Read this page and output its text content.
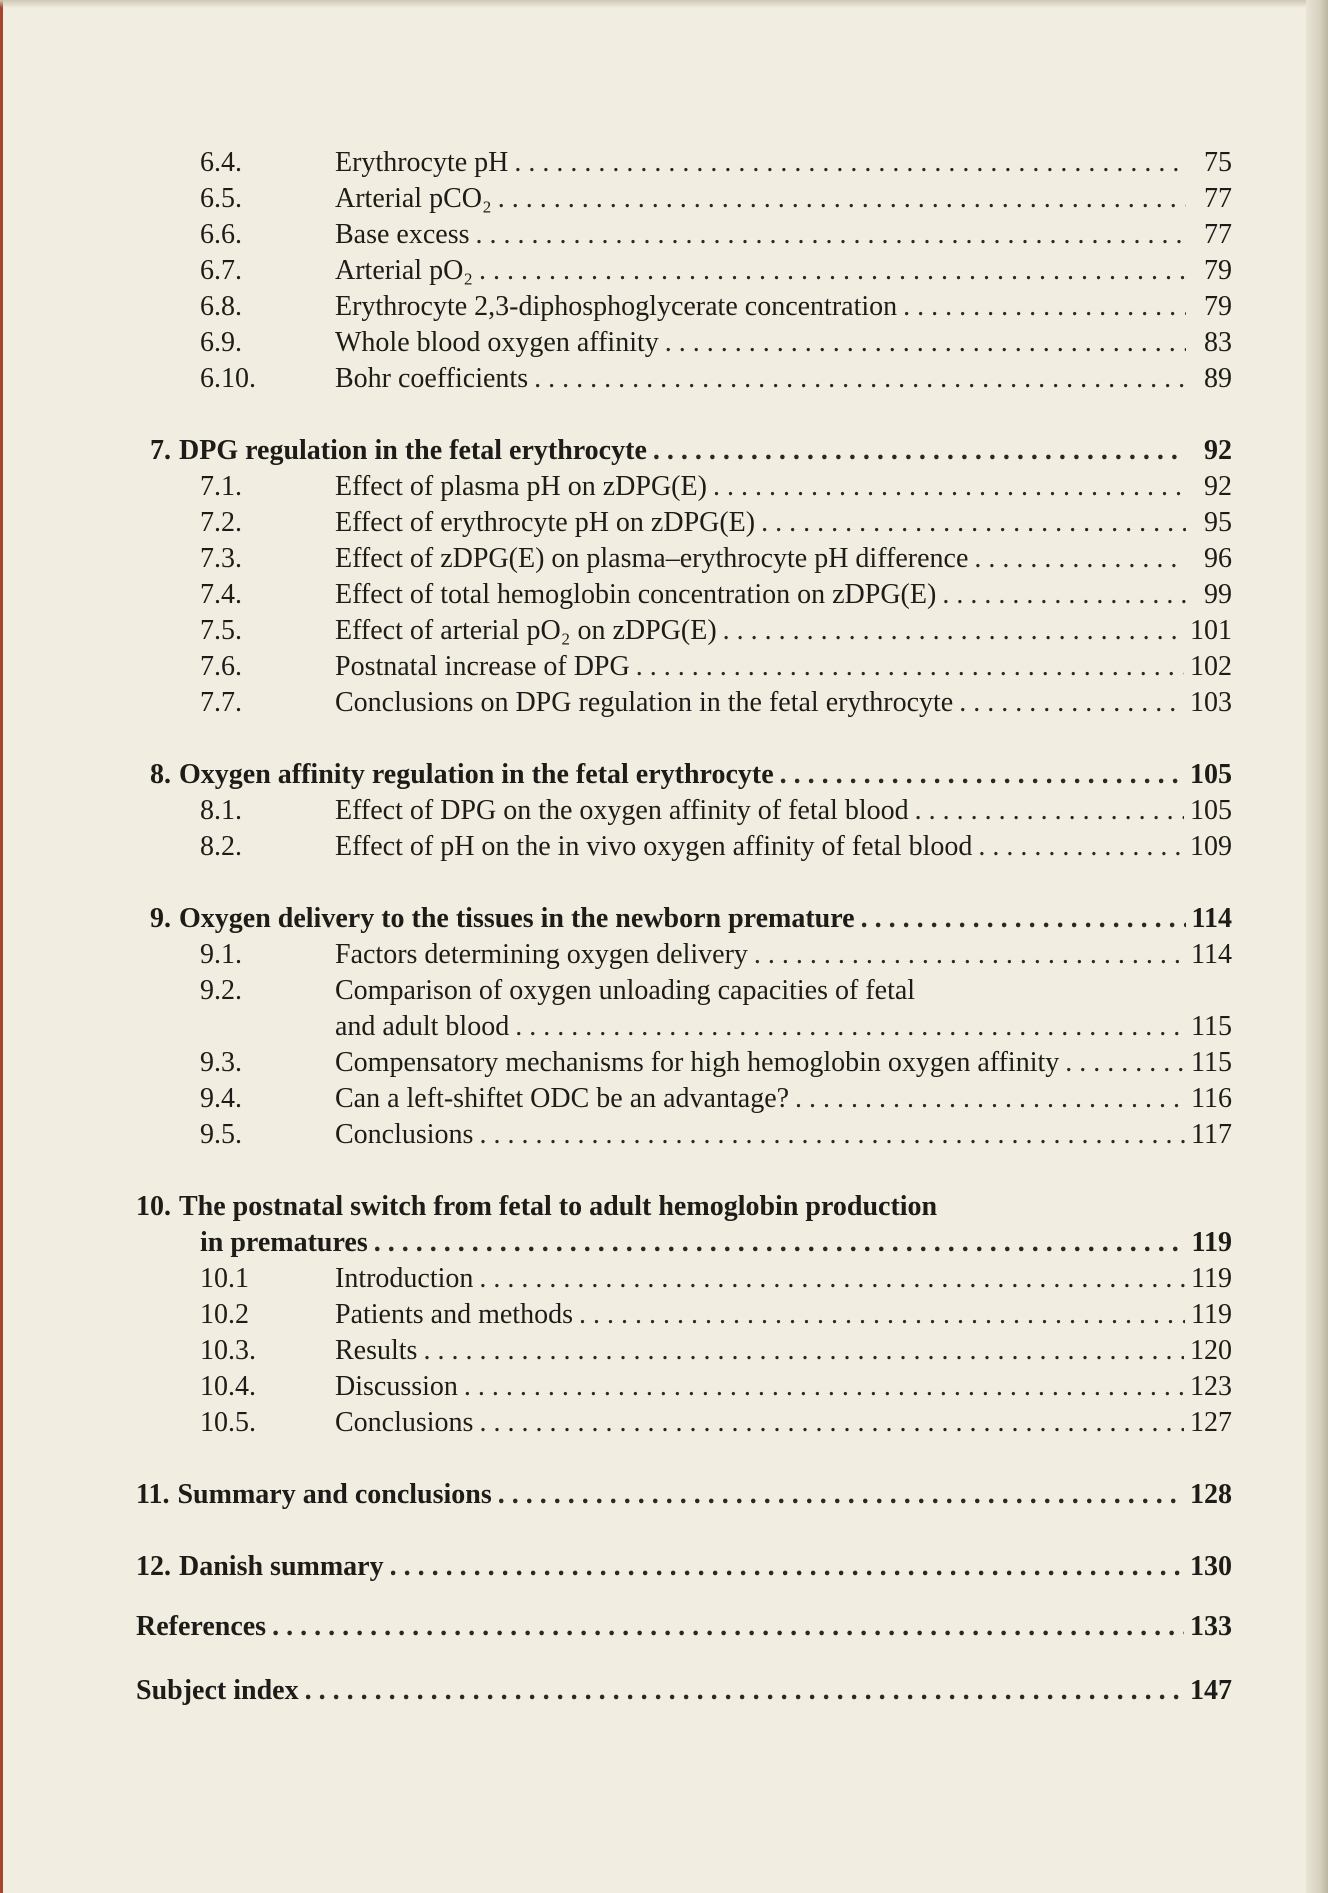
6.4.	Erythrocyte pH . . .	75
6.5.	Arterial pCO₂ . . .	77
6.6.	Base excess . . .	77
6.7.	Arterial pO₂ . . .	79
6.8.	Erythrocyte 2,3-diphosphoglycerate concentration . . .	79
6.9.	Whole blood oxygen affinity . . .	83
6.10.	Bohr coefficients . . .	89
7. DPG regulation in the fetal erythrocyte . . .	92
7.1.	Effect of plasma pH on zDPG(E) . . .	92
7.2.	Effect of erythrocyte pH on zDPG(E) . . .	95
7.3.	Effect of zDPG(E) on plasma–erythrocyte pH difference . . .	96
7.4.	Effect of total hemoglobin concentration on zDPG(E) . . .	99
7.5.	Effect of arterial pO₂ on zDPG(E) . . .	101
7.6.	Postnatal increase of DPG . . .	102
7.7.	Conclusions on DPG regulation in the fetal erythrocyte . . .	103
8. Oxygen affinity regulation in the fetal erythrocyte . . .	105
8.1.	Effect of DPG on the oxygen affinity of fetal blood . . .	105
8.2.	Effect of pH on the in vivo oxygen affinity of fetal blood . . .	109
9. Oxygen delivery to the tissues in the newborn premature . . .	114
9.1.	Factors determining oxygen delivery . . .	114
9.2.	Comparison of oxygen unloading capacities of fetal
and adult blood . . .	115
9.3.	Compensatory mechanisms for high hemoglobin oxygen affinity . . .	115
9.4.	Can a left-shiftet ODC be an advantage? . . .	116
9.5.	Conclusions . . .	117
10. The postnatal switch from fetal to adult hemoglobin production
in prematures . . .	119
10.1	Introduction . . .	119
10.2	Patients and methods . . .	119
10.3.	Results . . .	120
10.4.	Discussion . . .	123
10.5.	Conclusions . . .	127
11. Summary and conclusions . . .	128
12. Danish summary . . .	130
References . . .	133
Subject index . . .	147
